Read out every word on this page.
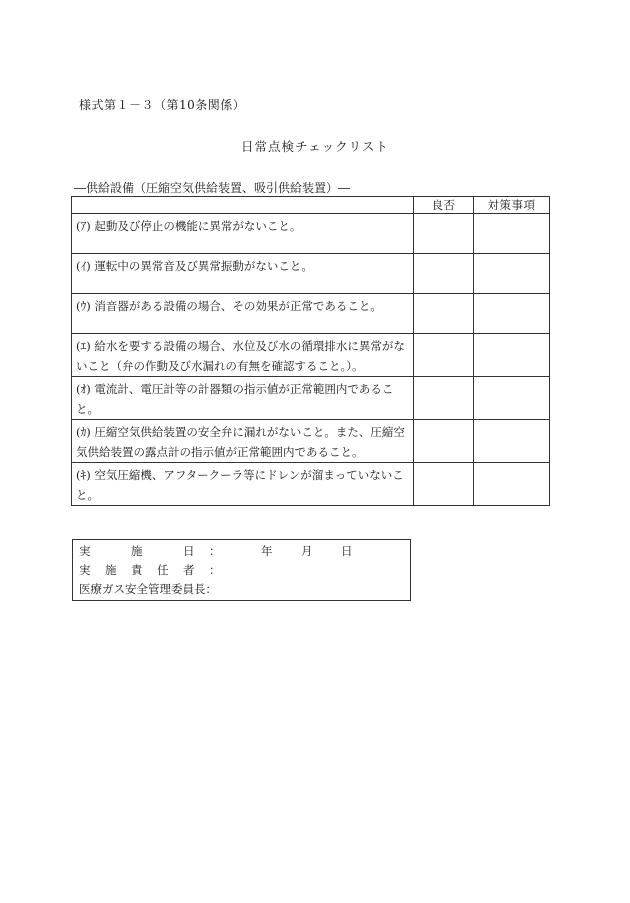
様式第１－３（第10条関係）
日常点検チェックリスト
―供給設備（圧縮空気供給装置、吸引供給装置）―
	良否	対策事項
(ｱ) 起動及び停止の機能に異常がないこと。		
(ｲ) 運転中の異常音及び異常振動がないこと。		
(ｳ) 消音器がある設備の場合、その効果が正常であること。		
(ｴ) 給水を要する設備の場合、水位及び水の循環排水に異常がないこと（弁の作動及び水漏れの有無を確認すること。）。		
(ｵ) 電流計、電圧計等の計器類の指示値が正常範囲内であること。		
(ｶ) 圧縮空気供給装置の安全弁に漏れがないこと。また、圧縮空気供給装置の露点計の指示値が正常範囲内であること。		
(ｷ) 空気圧縮機、アフタークーラ等にドレンが溜まっていないこと。		
実	施	日 ：	年 月 日
実 施 責 任 者 ：
医療ガス安全管理委員長：
